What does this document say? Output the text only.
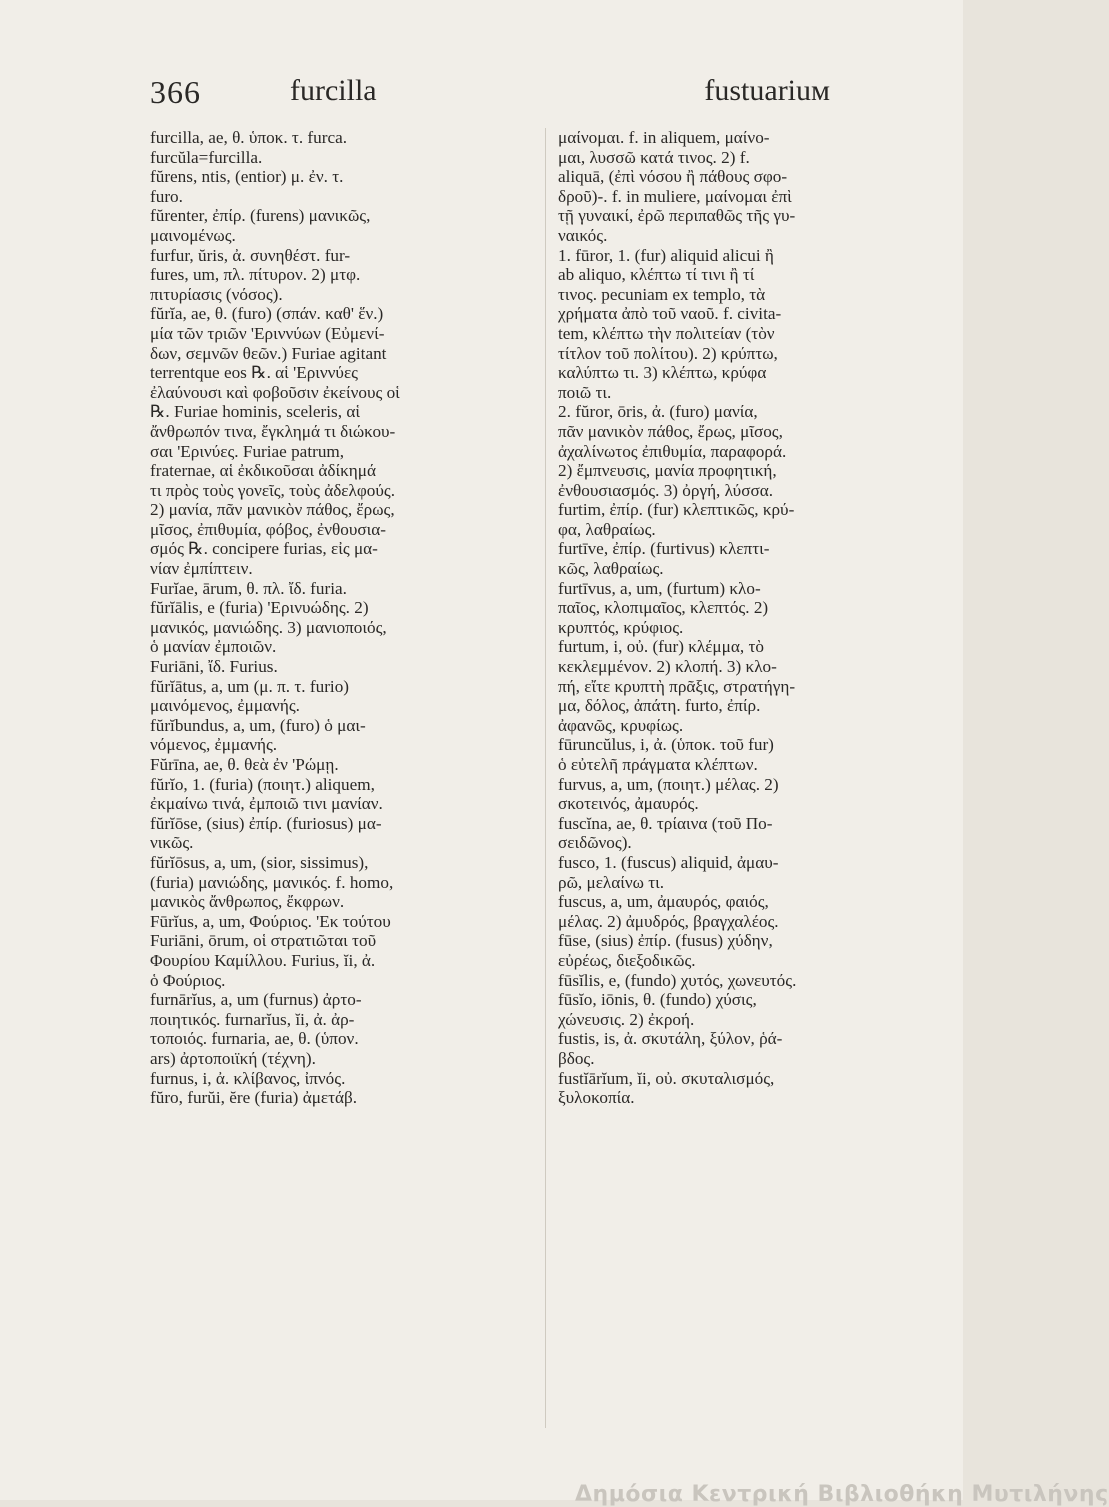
366	furcilla	fustuariuм
furcilla, ae, θ. ὑποκ. τ. furca.
furcŭla=furcilla.
fŭrens, ntis, (entior) μ. ἐν. τ.
furo.
fŭrenter, ἐπίρ. (furens) μανικῶς,
μαινομένως.
furfur, ŭris, ἀ. συνηθέστ. fur-
fures, um, πλ. πίτυρον. 2) μτφ.
πιτυρίασις (νόσος).
fŭrĭa, ae, θ. (furo) (σπάν. καθ' ἕν.)
μία τῶν τριῶν 'Εριννύων (Εὐμενί-
δων, σεμνῶν θεῶν.) Furiae agitant
terrentque eos ℞. αἱ 'Εριννύες
ἐλαύνουσι καὶ φοβοῦσιν ἐκείνους οἱ
℞. Furiae hominis, sceleris, αἱ
ἄνθρωπόν τινα, ἔγκλημά τι διώκου-
σαι 'Ερινύες. Furiae patrum,
fraternae, αἱ ἐκδικοῦσαι ἀδίκημά
τι πρὸς τοὺς γονεῖς, τοὺς ἀδελφούς.
2) μανία, πᾶν μανικὸν πάθος, ἔρως,
μῖσος, ἐπιθυμία, φόβος, ἐνθουσια-
σμός ℞. concipere furias, εἰς μα-
νίαν ἐμπίπτειν.
Furĭae, ārum, θ. πλ. ἴδ. furia.
fŭrĭālis, e (furia) 'Ερινυώδης. 2)
μανικός, μανιώδης. 3) μανιοποιός,
ὁ μανίαν ἐμποιῶν.
Furiāni, ἴδ. Furius.
fŭrĭātus, a, um (μ. π. τ. furio)
μαινόμενος, ἐμμανής.
fŭrĭbundus, a, um, (furo) ὁ μαι-
νόμενος, ἐμμανής.
Fŭrīna, ae, θ. θεὰ ἐν 'Ρώμῃ.
fŭrĭo, 1. (furia) (ποιητ.) aliquem,
ἐκμαίνω τινά, ἐμποιῶ τινι μανίαν.
fŭrĭōse, (sius) ἐπίρ. (furiosus) μα-
νικῶς.
fŭrĭōsus, a, um, (sior, sissimus),
(furia) μανιώδης, μανικός. f. homo,
μανικὸς ἄνθρωπος, ἔκφρων.
Fūrĭus, a, um, Φούριος. 'Εκ τούτου
Furiāni, ōrum, οἱ στρατιῶται τοῦ
Φουρίου Καμίλλου. Furius, ĭi, ἀ.
ὁ Φούριος.
furnārĭus, a, um (furnus) ἀρτο-
ποιητικός. furnarĭus, ĭi, ἀ. ἀρ-
τοποιός. furnaria, ae, θ. (ὑπον.
ars) ἀρτοποιϊκή (τέχνη).
furnus, i, ἀ. κλίβανος, ἰπνός.
fŭro, furŭi, ĕre (furia) ἀμετάβ.
μαίνομαι. f. in aliquem, μαίνο-
μαι, λυσσῶ κατά τινος. 2) f.
aliquā, (ἐπὶ νόσου ἢ πάθους σφο-
δροῦ)-. f. in muliere, μαίνομαι ἐπὶ
τῇ γυναικί, ἐρῶ περιπαθῶς τῆς γυ-
ναικός.
1. fūror, 1. (fur) aliquid alicui ἢ
ab aliquo, κλέπτω τί τινι ἢ τί
τινος. pecuniam ex templo, τὰ
χρήματα ἀπὸ τοῦ ναοῦ. f. civita-
tem, κλέπτω τὴν πολιτείαν (τὸν
τίτλον τοῦ πολίτου). 2) κρύπτω,
καλύπτω τι. 3) κλέπτω, κρύφα
ποιῶ τι.
2. fŭror, ōris, ἀ. (furo) μανία,
πᾶν μανικὸν πάθος, ἔρως, μῖσος,
ἀχαλίνωτος ἐπιθυμία, παραφορά.
2) ἔμπνευσις, μανία προφητική,
ἐνθουσιασμός. 3) ὀργή, λύσσα.
furtim, ἐπίρ. (fur) κλεπτικῶς, κρύ-
φα, λαθραίως.
furtīve, ἐπίρ. (furtivus) κλεπτι-
κῶς, λαθραίως.
furtīvus, a, um, (furtum) κλο-
παῖος, κλοπιμαῖος, κλεπτός. 2)
κρυπτός, κρύφιος.
furtum, i, οὐ. (fur) κλέμμα, τὸ
κεκλεμμένον. 2) κλοπή. 3) κλο-
πή, εἴτε κρυπτὴ πρᾶξις, στρατήγη-
μα, δόλος, ἀπάτη. furto, ἐπίρ.
ἀφανῶς, κρυφίως.
fūruncŭlus, i, ἀ. (ὑποκ. τοῦ fur)
ὁ εὐτελῆ πράγματα κλέπτων.
furvus, a, um, (ποιητ.) μέλας. 2)
σκοτεινός, ἀμαυρός.
fuscĭna, ae, θ. τρίαινα (τοῦ Πο-
σειδῶνος).
fusco, 1. (fuscus) aliquid, ἀμαυ-
ρῶ, μελαίνω τι.
fuscus, a, um, ἀμαυρός, φαιός,
μέλας. 2) ἀμυδρός, βραγχαλέος.
fūse, (sius) ἐπίρ. (fusus) χύδην,
εὐρέως, διεξοδικῶς.
fūsĭlis, e, (fundo) χυτός, χωνευτός.
fūsĭo, iōnis, θ. (fundo) χύσις,
χώνευσις. 2) ἐκροή.
fustis, is, ἀ. σκυτάλη, ξύλον, ῥά-
βδος.
fustĭārĭum, ĭi, οὐ. σκυταλισμός,
ξυλοκοπία.
Δημόσια Κεντρική Βιβλιοθήκη Μυτιλήνης
